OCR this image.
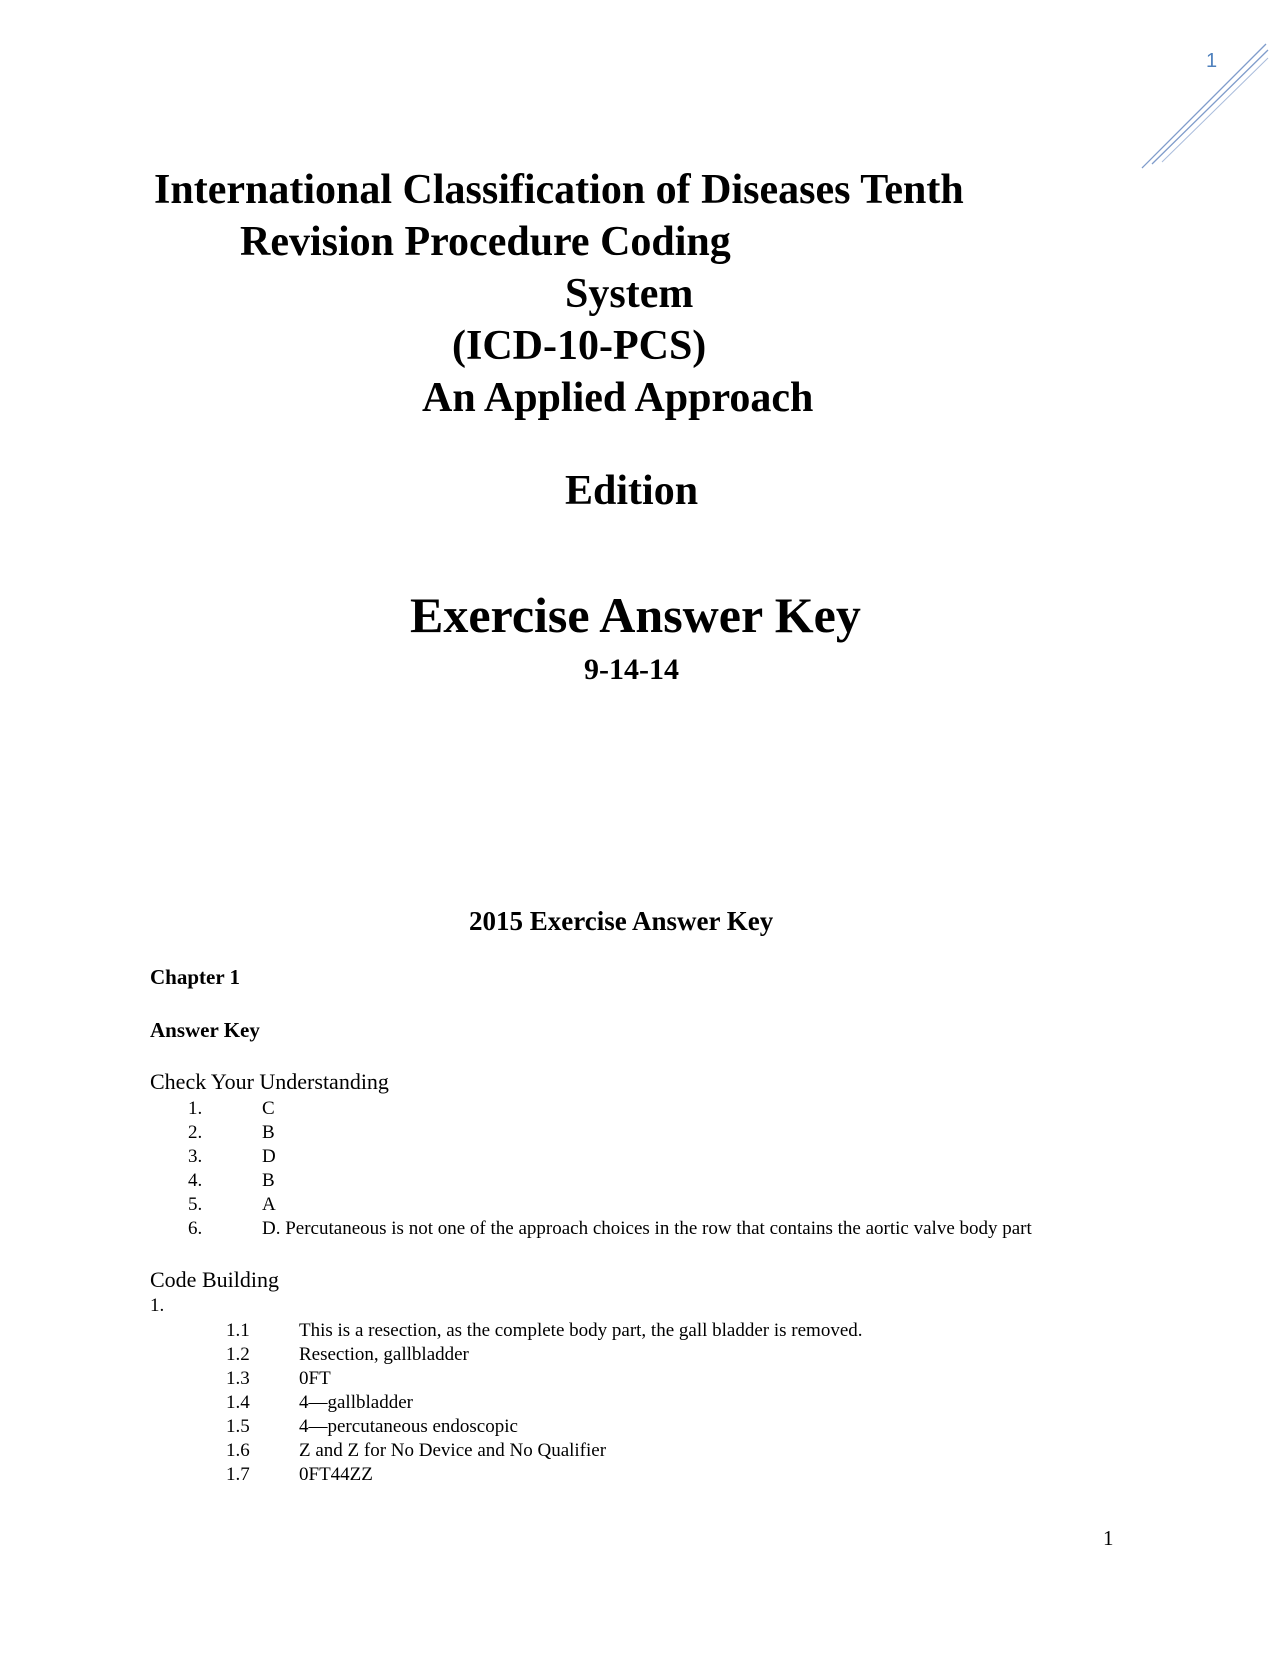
1
International Classification of Diseases Tenth
Revision Procedure Coding
System
(ICD-10-PCS)
An Applied Approach
Edition
Exercise Answer Key
9-14-14
2015 Exercise Answer Key
Chapter 1
Answer Key
Check Your Understanding
1.	C
2.	B
3.	D
4.	B
5.	A
6.	D. Percutaneous is not one of the approach choices in the row that contains the aortic valve body part
Code Building
1.
1.1	This is a resection, as the complete body part, the gall bladder is removed.
1.2	Resection, gallbladder
1.3	0FT
1.4	4—gallbladder
1.5	4—percutaneous endoscopic
1.6	Z and Z for No Device and No Qualifier
1.7	0FT44ZZ
1
